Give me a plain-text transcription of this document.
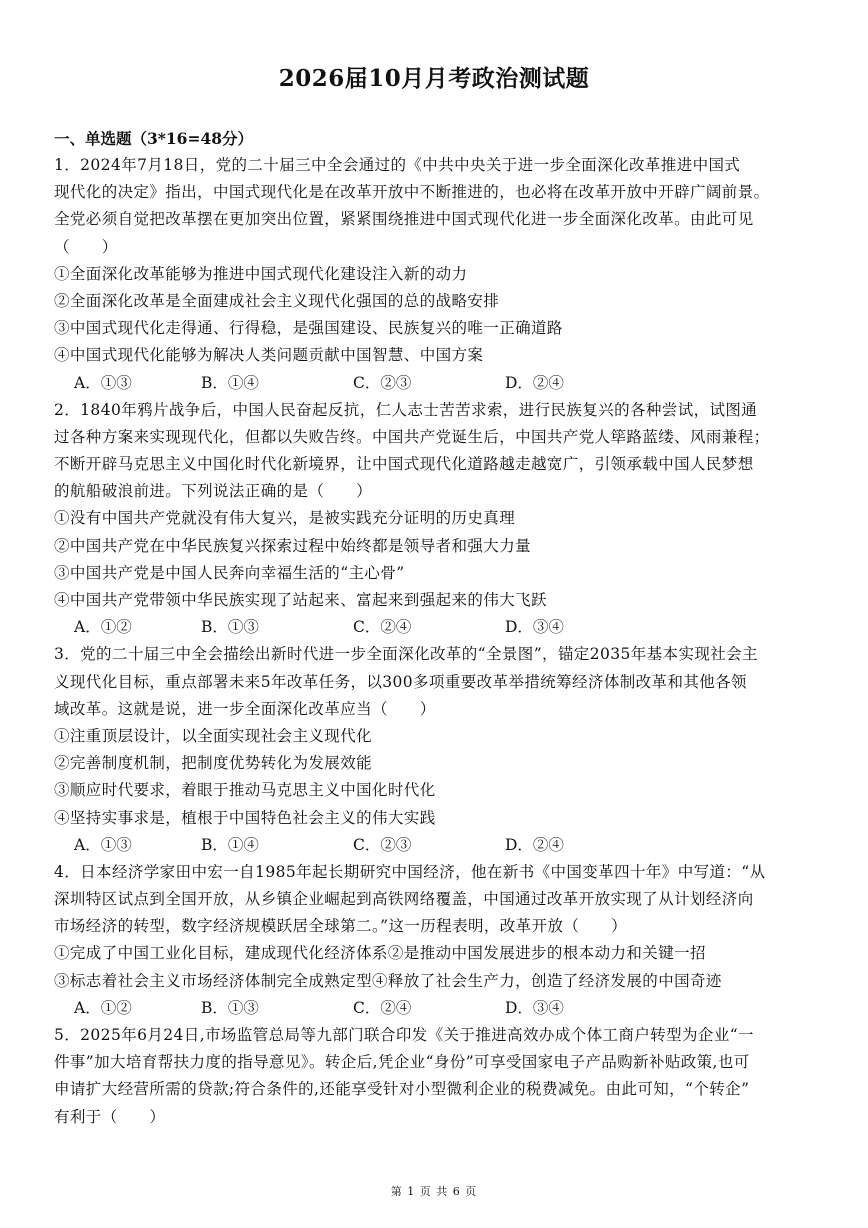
2026届10月月考政治测试题
一、单选题（3*16=48分）
1．2024年7月18日，党的二十届三中全会通过的《中共中央关于进一步全面深化改革推进中国式
现代化的决定》指出，中国式现代化是在改革开放中不断推进的，也必将在改革开放中开辟广阔前景。
全党必须自觉把改革摆在更加突出位置，紧紧围绕推进中国式现代化进一步全面深化改革。由此可见
（　　）
①全面深化改革能够为推进中国式现代化建设注入新的动力
②全面深化改革是全面建成社会主义现代化强国的总的战略安排
③中国式现代化走得通、行得稳，是强国建设、民族复兴的唯一正确道路
④中国式现代化能够为解决人类问题贡献中国智慧、中国方案
A．①③	B．①④	C．②③	D．②④
2．1840年鸦片战争后，中国人民奋起反抗，仁人志士苦苦求索，进行民族复兴的各种尝试，试图通
过各种方案来实现现代化，但都以失败告终。中国共产党诞生后，中国共产党人筚路蓝缕、风雨兼程；
不断开辟马克思主义中国化时代化新境界，让中国式现代化道路越走越宽广，引领承载中国人民梦想
的航船破浪前进。下列说法正确的是（　　）
①没有中国共产党就没有伟大复兴，是被实践充分证明的历史真理
②中国共产党在中华民族复兴探索过程中始终都是领导者和强大力量
③中国共产党是中国人民奔向幸福生活的“主心骨”
④中国共产党带领中华民族实现了站起来、富起来到强起来的伟大飞跃
A．①②	B．①③	C．②④	D．③④
3．党的二十届三中全会描绘出新时代进一步全面深化改革的“全景图”，锚定2035年基本实现社会主
义现代化目标，重点部署未来5年改革任务，以300多项重要改革举措统筹经济体制改革和其他各领
域改革。这就是说，进一步全面深化改革应当（　　）
①注重顶层设计，以全面实现社会主义现代化
②完善制度机制，把制度优势转化为发展效能
③顺应时代要求，着眼于推动马克思主义中国化时代化
④坚持实事求是，植根于中国特色社会主义的伟大实践
A．①③	B．①④	C．②③	D．②④
4．日本经济学家田中宏一自1985年起长期研究中国经济，他在新书《中国变革四十年》中写道：“从
深圳特区试点到全国开放，从乡镇企业崛起到高铁网络覆盖，中国通过改革开放实现了从计划经济向
市场经济的转型，数字经济规模跃居全球第二。”这一历程表明，改革开放（　　）
①完成了中国工业化目标，建成现代化经济体系②是推动中国发展进步的根本动力和关键一招
③标志着社会主义市场经济体制完全成熟定型④释放了社会生产力，创造了经济发展的中国奇迹
A．①②	B．①③	C．②④	D．③④
5．2025年6月24日,市场监管总局等九部门联合印发《关于推进高效办成个体工商户转型为企业“一
件事”加大培育帮扶力度的指导意见》。转企后,凭企业“身份”可享受国家电子产品购新补贴政策,也可
申请扩大经营所需的贷款;符合条件的,还能享受针对小型微利企业的税费减免。由此可知，“个转企”
有利于（　　）
第 1 页 共 6 页
